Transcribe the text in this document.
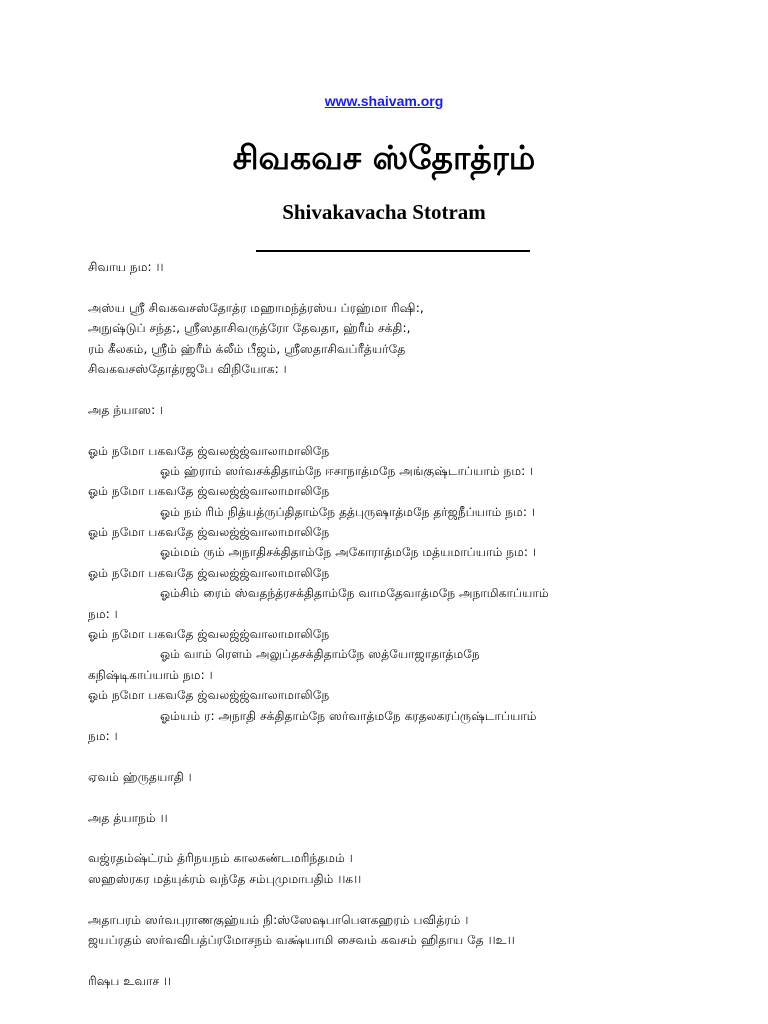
www.shaivam.org
சிவகவச ஸ்தோத்ரம்
Shivakavacha Stotram
சிவாய நம: ।।
அஸ்ய ஸ்ரீ சிவகவசஸ்தோத்ர மஹாமந்த்ரஸ்ய ப்ரஹ்மா ரிஷி:,
அநுஷ்டுப் சந்த:, ஸ்ரீஸதாசிவருத்ரோ தேவதா, ஹ்ரீம் சக்தி:,
ரம் கீலகம், ஸ்ரீம் ஹ்ரீம் க்லீம் பீஜம், ஸ்ரீஸதாசிவப்ரீத்யர்தே
சிவகவசஸ்தோத்ரஜபே விநியோக: ।
அத ந்யாஸ: ।
ஓம் நமோ பகவதே ஜ்வலஜ்ஜ்வாலாமாலிநே
ஓம் ஹ்ராம் ஸர்வசக்திதாம்நே ஈசாநாத்மநே அங்குஷ்டாப்யாம் நம: ।
ஓம் நமோ பகவதே ஜ்வலஜ்ஜ்வாலாமாலிநே
ஓம் நம் ரிம் நித்யத்ருப்திதாம்நே தத்புருஷாத்மநே தர்ஜநீப்யாம் நம: ।
ஓம் நமோ பகவதே ஜ்வலஜ்ஜ்வாலாமாலிநே
ஓம்மம் ரும் அநாதிசக்திதாம்நே அகோராத்மநே மத்யமாப்யாம் நம: ।
ஓம் நமோ பகவதே ஜ்வலஜ்ஜ்வாலாமாலிநே
ஓம்சிம் ரைம் ஸ்வதந்த்ரசக்திதாம்நே வாமதேவாத்மநே அநாமிகாப்யாம்
நம: ।
ஓம் நமோ பகவதே ஜ்வலஜ்ஜ்வாலாமாலிநே
ஓம் வாம் ரௌம் அலுப்தசக்திதாம்நே ஸத்யோஜாதாத்மநே
கநிஷ்டிகாப்யாம் நம: ।
ஓம் நமோ பகவதே ஜ்வலஜ்ஜ்வாலாமாலிநே
ஓம்யம் ர: அநாதி சக்திதாம்நே ஸர்வாத்மநே கரதலகரப்ருஷ்டாப்யாம்
நம: ।
ஏவம் ஹ்ருதயாதி ।
அத த்யாநம் ।।
வஜ்ரதம்ஷ்ட்ரம் த்ரிநயநம் காலகண்டமரிந்தமம் ।
ஸஹஸ்ரகர மத்யுக்ரம் வந்தே சம்புமுமாபதிம் ।।க।।
அதாபரம் ஸர்வபுராணகுஹ்யம் நி:ஸ்ஸேஷபாபௌகஹரம் பவித்ரம் ।
ஜயப்ரதம் ஸர்வவிபத்ப்ரமோசநம் வக்ஷ்யாமி சைவம் கவசம் ஹிதாய தே ।।உ।।
ரிஷப உவாச ।।
